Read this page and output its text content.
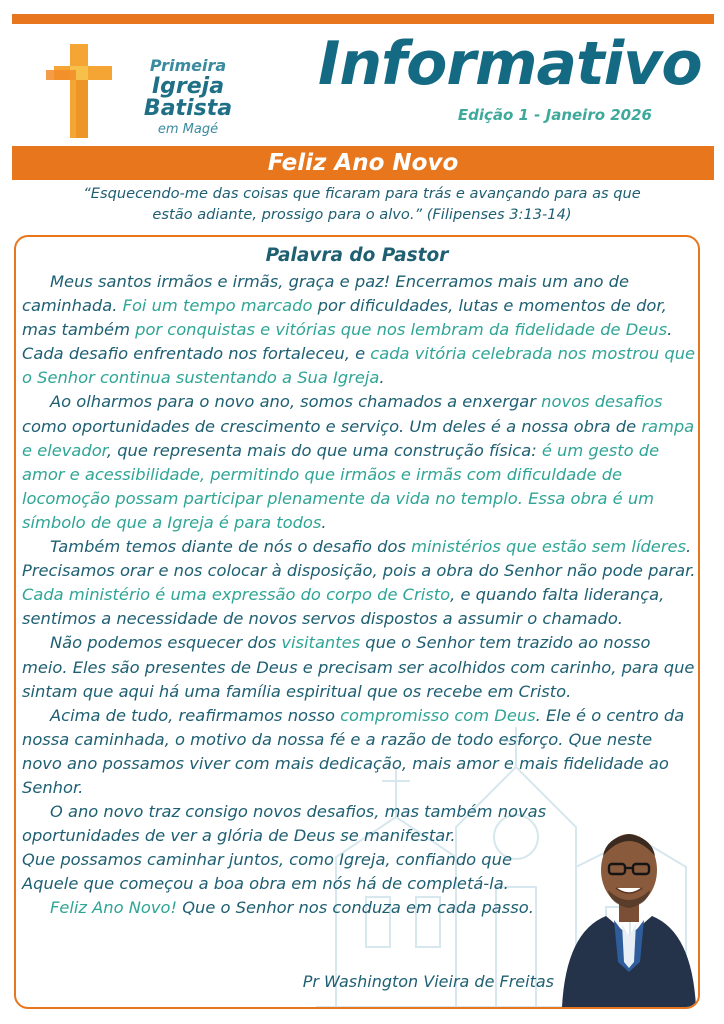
Primeira
Igreja Batista
em Magé
Informativo
Edição 1 - Janeiro 2026
Feliz Ano Novo
“Esquecendo-me das coisas que ficaram para trás e avançando para as que
estão adiante, prossigo para o alvo.” (Filipenses 3:13-14)
Palavra do Pastor

Meus santos irmãos e irmãs, graça e paz! Encerramos mais um ano de caminhada. Foi um tempo marcado por dificuldades, lutas e momentos de dor, mas também por conquistas e vitórias que nos lembram da fidelidade de Deus. Cada desafio enfrentado nos fortaleceu, e cada vitória celebrada nos mostrou que o Senhor continua sustentando a Sua Igreja.

Ao olharmos para o novo ano, somos chamados a enxergar novos desafios como oportunidades de crescimento e serviço. Um deles é a nossa obra de rampa e elevador, que representa mais do que uma construção física: é um gesto de amor e acessibilidade, permitindo que irmãos e irmãs com dificuldade de locomoção possam participar plenamente da vida no templo. Essa obra é um símbolo de que a Igreja é para todos.

Também temos diante de nós o desafio dos ministérios que estão sem líderes. Precisamos orar e nos colocar à disposição, pois a obra do Senhor não pode parar. Cada ministério é uma expressão do corpo de Cristo, e quando falta liderança, sentimos a necessidade de novos servos dispostos a assumir o chamado.

Não podemos esquecer dos visitantes que o Senhor tem trazido ao nosso meio. Eles são presentes de Deus e precisam ser acolhidos com carinho, para que sintam que aqui há uma família espiritual que os recebe em Cristo.

Acima de tudo, reafirmamos nosso compromisso com Deus. Ele é o centro da nossa caminhada, o motivo da nossa fé e a razão de todo esforço. Que neste novo ano possamos viver com mais dedicação, mais amor e mais fidelidade ao Senhor.

O ano novo traz consigo novos desafios, mas também novas oportunidades de ver a glória de Deus se manifestar.

Que possamos caminhar juntos, como Igreja, confiando que Aquele que começou a boa obra em nós há de completá-la.

Feliz Ano Novo! Que o Senhor nos conduza em cada passo.

Pr Washington Vieira de Freitas
